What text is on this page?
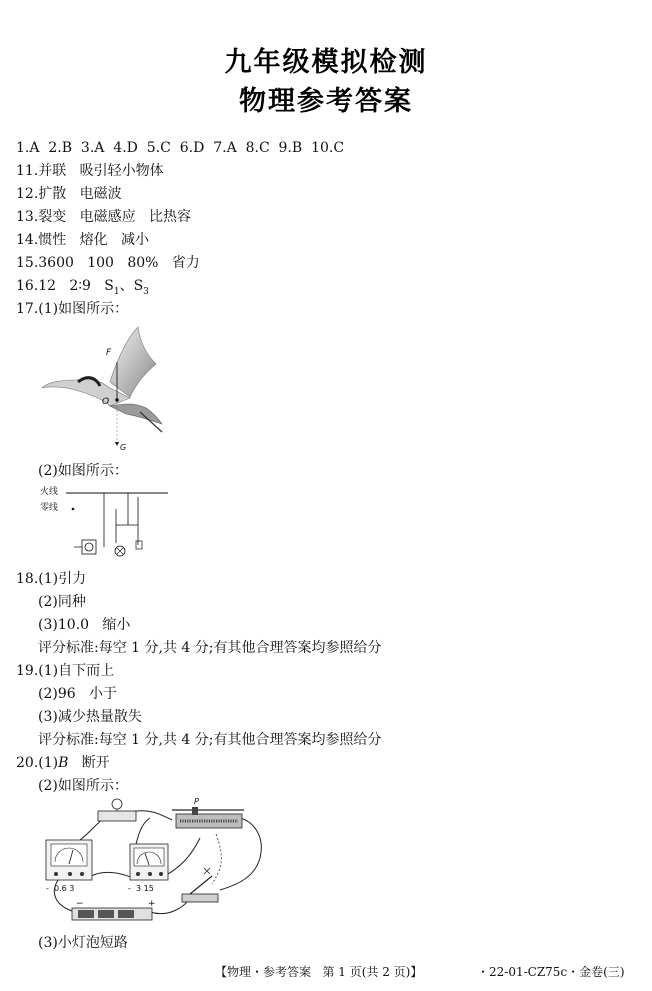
九年级模拟检测
物理参考答案
1.A  2.B  3.A  4.D  5.C  6.D  7.A  8.C  9.B  10.C
11.并联   吸引轻小物体
12.扩散   电磁波
13.裂变   电磁感应   比热容
14.惯性   熔化   减小
15.3600   100   80%   省力
16.12   2∶9   $S_1$、$S_3$
17.(1)如图所示：
F
O
G
(2)如图所示：
火线
零线
18.(1)引力
(2)同种
(3)10.0   缩小
评分标准:每空 1 分,共 4 分;有其他合理答案均参照给分
19.(1)自下而上
(2)96   小于
(3)减少热量散失
评分标准:每空 1 分,共 4 分;有其他合理答案均参照给分
20.(1)B   断开
(2)如图所示：
P
-  0.6 3	-  3 15
−	+
(3)小灯泡短路
【物理・参考答案   第 1 页(共 2 页)】	・22-01-CZ75c・金卷(三)
